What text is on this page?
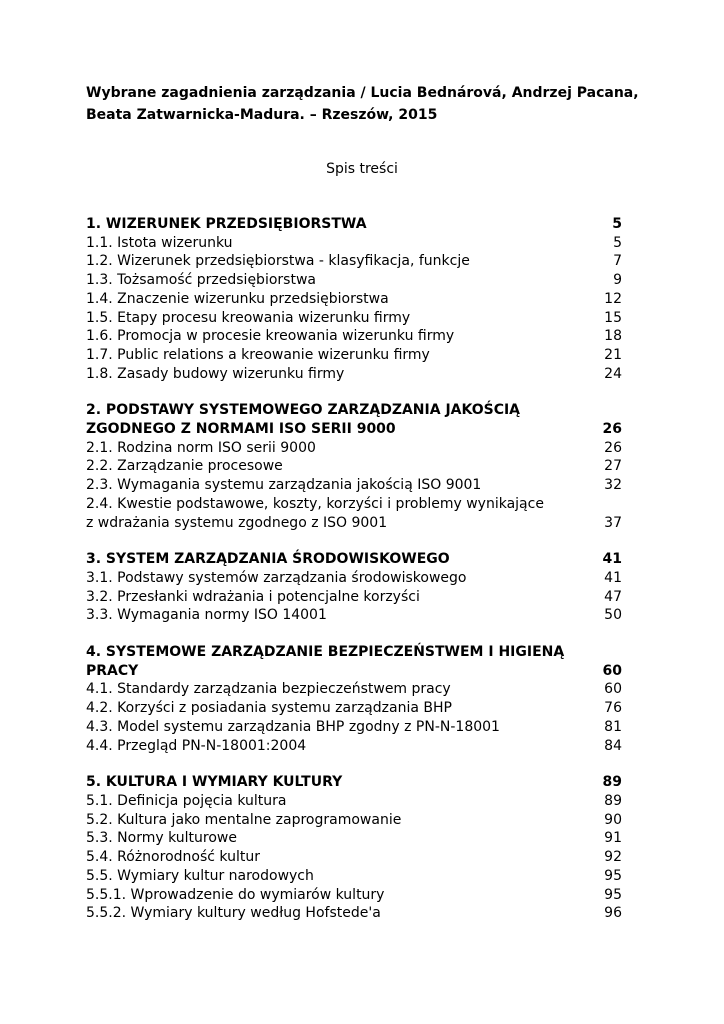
Wybrane zagadnienia zarządzania / Lucia Bednárová, Andrzej Pacana,
Beata Zatwarnicka-Madura. – Rzeszów, 2015
Spis treści
1. WIZERUNEK PRZEDSIĘBIORSTWA	5
1.1. Istota wizerunku	5
1.2. Wizerunek przedsiębiorstwa - klasyfikacja, funkcje	7
1.3. Tożsamość przedsiębiorstwa	9
1.4. Znaczenie wizerunku przedsiębiorstwa	12
1.5. Etapy procesu kreowania wizerunku firmy	15
1.6. Promocja w procesie kreowania wizerunku firmy	18
1.7. Public relations a kreowanie wizerunku firmy	21
1.8. Zasady budowy wizerunku firmy	24
2. PODSTAWY SYSTEMOWEGO ZARZĄDZANIA JAKOŚCIĄ
ZGODNEGO Z NORMAMI ISO SERII 9000	26
2.1. Rodzina norm ISO serii 9000	26
2.2. Zarządzanie procesowe	27
2.3. Wymagania systemu zarządzania jakością ISO 9001	32
2.4. Kwestie podstawowe, koszty, korzyści i problemy wynikające
z wdrażania systemu zgodnego z ISO 9001	37
3. SYSTEM ZARZĄDZANIA ŚRODOWISKOWEGO	41
3.1. Podstawy systemów zarządzania środowiskowego	41
3.2. Przesłanki wdrażania i potencjalne korzyści	47
3.3. Wymagania normy ISO 14001	50
4. SYSTEMOWE ZARZĄDZANIE BEZPIECZEŃSTWEM I HIGIENĄ
PRACY	60
4.1. Standardy zarządzania bezpieczeństwem pracy	60
4.2. Korzyści z posiadania systemu zarządzania BHP	76
4.3. Model systemu zarządzania BHP zgodny z PN-N-18001	81
4.4. Przegląd PN-N-18001:2004	84
5. KULTURA I WYMIARY KULTURY	89
5.1. Definicja pojęcia kultura	89
5.2. Kultura jako mentalne zaprogramowanie	90
5.3. Normy kulturowe	91
5.4. Różnorodność kultur	92
5.5. Wymiary kultur narodowych	95
5.5.1. Wprowadzenie do wymiarów kultury	95
5.5.2. Wymiary kultury według Hofstede'a	96
